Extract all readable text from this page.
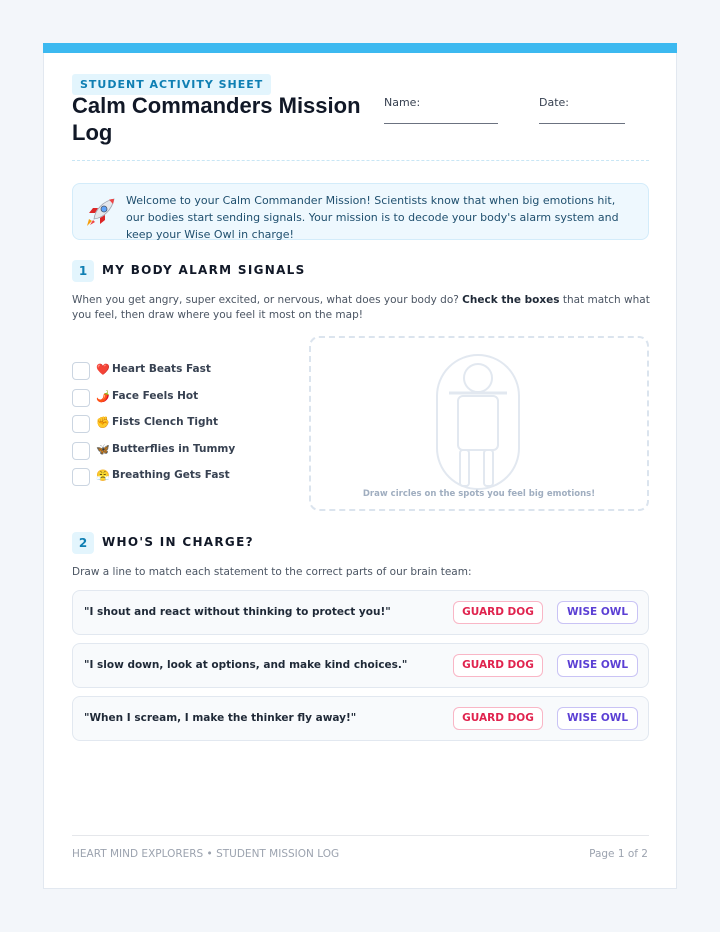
STUDENT ACTIVITY SHEET
Calm Commanders Mission Log
Name:	Date:

Welcome to your Calm Commander Mission! Scientists know that when big emotions hit, our bodies start sending signals. Your mission is to decode your body's alarm system and keep your Wise Owl in charge!

1	MY BODY ALARM SIGNALS

When you get angry, super excited, or nervous, what does your body do? Check the boxes that match what you feel, then draw where you feel it most on the map!

❤️ Heart Beats Fast
🌶️ Face Feels Hot
✊ Fists Clench Tight
🦋 Butterflies in Tummy
😤 Breathing Gets Fast
Draw circles on the spots you feel big emotions!
2	WHO'S IN CHARGE?

Draw a line to match each statement to the correct parts of our brain team:

"I shout and react without thinking to protect you!"	GUARD DOG	WISE OWL
"I slow down, look at options, and make kind choices."	GUARD DOG	WISE OWL
"When I scream, I make the thinker fly away!"	GUARD DOG	WISE OWL
HEART MIND EXPLORERS • STUDENT MISSION LOG	Page 1 of 2
